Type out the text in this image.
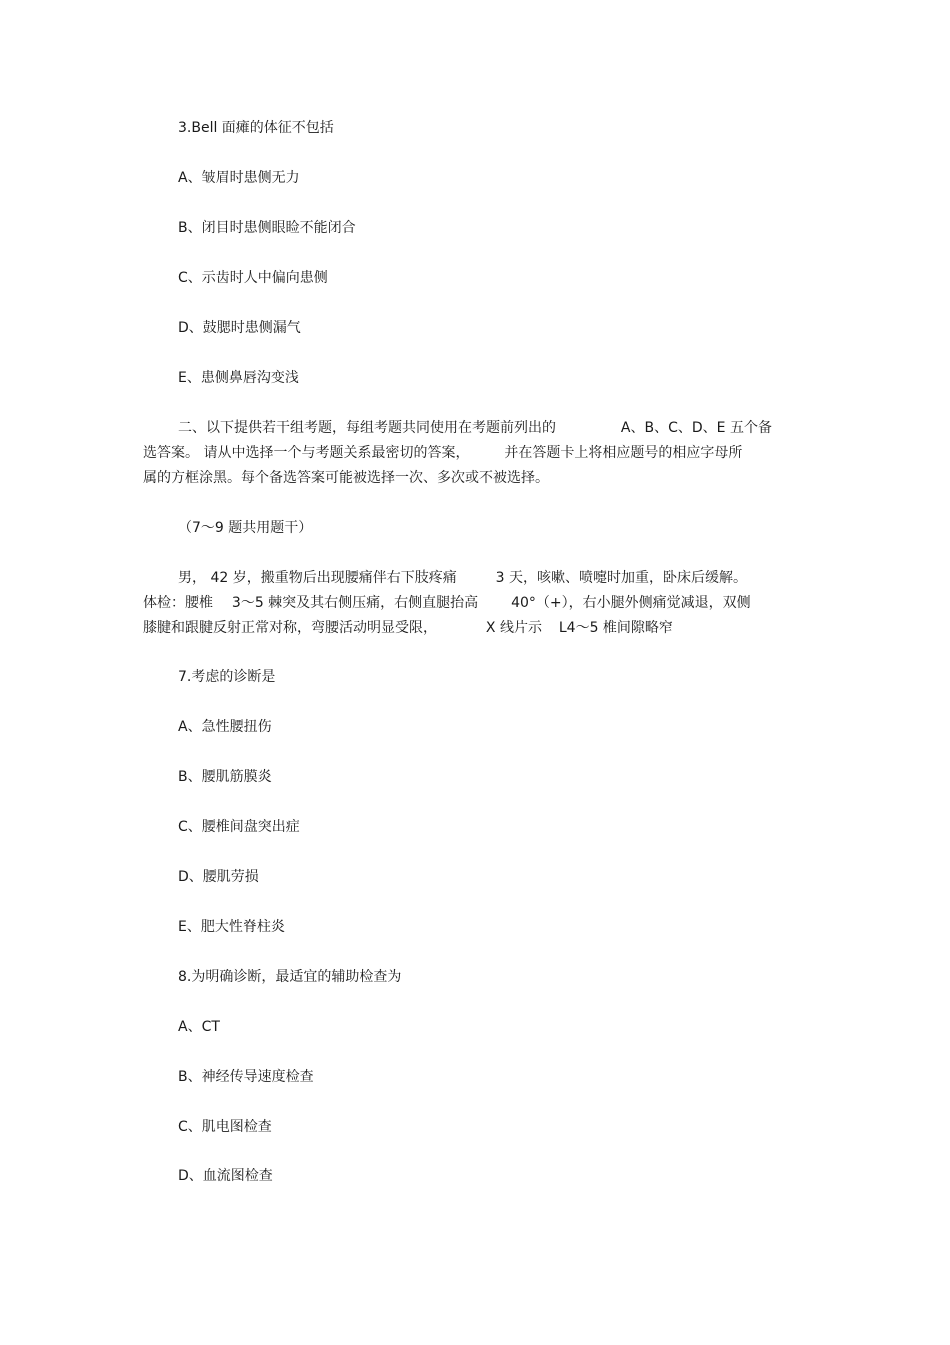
3.Bell 面瘫的体征不包括
A、皱眉时患侧无力
B、闭目时患侧眼睑不能闭合
C、示齿时人中偏向患侧
D、鼓腮时患侧漏气
E、患侧鼻唇沟变浅
二、以下提供若干组考题，每组考题共同使用在考题前列出的	A、B、C、D、E 五个备
选答案。 请从中选择一个与考题关系最密切的答案， 并在答题卡上将相应题号的相应字母所
属的方框涂黑。每个备选答案可能被选择一次、多次或不被选择。
（7～9 题共用题干）
男， 42 岁，搬重物后出现腰痛伴右下肢疼痛	3 天，咳嗽、喷嚏时加重，卧床后缓解。
体检：腰椎 3～5 棘突及其右侧压痛，右侧直腿抬高 40°（+），右小腿外侧痛觉减退，双侧
膝腱和跟腱反射正常对称，弯腰活动明显受限，	X 线片示 L4～5 椎间隙略窄
7.考虑的诊断是
A、急性腰扭伤
B、腰肌筋膜炎
C、腰椎间盘突出症
D、腰肌劳损
E、肥大性脊柱炎
8.为明确诊断，最适宜的辅助检查为
A、CT
B、神经传导速度检查
C、肌电图检查
D、血流图检查
